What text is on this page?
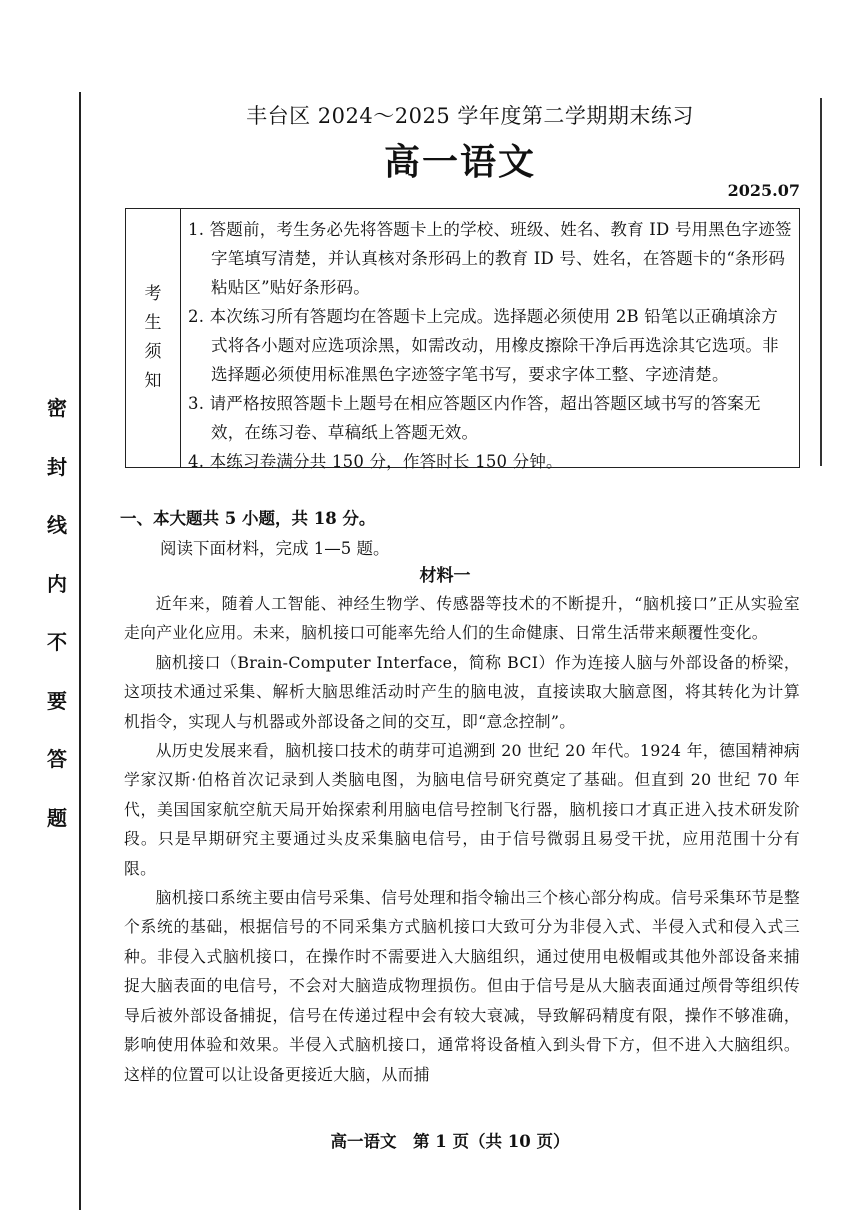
密
封
线
内
不
要
答
题
丰台区 2024～2025 学年度第二学期期末练习
高一语文
2025.07
考
生
须
知
1. 答题前，考生务必先将答题卡上的学校、班级、姓名、教育 ID 号用黑色字迹签字笔填写清楚，并认真核对条形码上的教育 ID 号、姓名，在答题卡的“条形码粘贴区”贴好条形码。
2. 本次练习所有答题均在答题卡上完成。选择题必须使用 2B 铅笔以正确填涂方式将各小题对应选项涂黑，如需改动，用橡皮擦除干净后再选涂其它选项。非选择题必须使用标准黑色字迹签字笔书写，要求字体工整、字迹清楚。
3. 请严格按照答题卡上题号在相应答题区内作答，超出答题区域书写的答案无效，在练习卷、草稿纸上答题无效。
4. 本练习卷满分共 150 分，作答时长 150 分钟。
一、本大题共 5 小题，共 18 分。
阅读下面材料，完成 1—5 题。
材料一

近年来，随着人工智能、神经生物学、传感器等技术的不断提升，“脑机接口”正从实验室走向产业化应用。未来，脑机接口可能率先给人们的生命健康、日常生活带来颠覆性变化。

脑机接口（Brain-Computer Interface，简称 BCI）作为连接人脑与外部设备的桥梁，这项技术通过采集、解析大脑思维活动时产生的脑电波，直接读取大脑意图，将其转化为计算机指令，实现人与机器或外部设备之间的交互，即“意念控制”。

从历史发展来看，脑机接口技术的萌芽可追溯到 20 世纪 20 年代。1924 年，德国精神病学家汉斯·伯格首次记录到人类脑电图，为脑电信号研究奠定了基础。但直到 20 世纪 70 年代，美国国家航空航天局开始探索利用脑电信号控制飞行器，脑机接口才真正进入技术研发阶段。只是早期研究主要通过头皮采集脑电信号，由于信号微弱且易受干扰，应用范围十分有限。

脑机接口系统主要由信号采集、信号处理和指令输出三个核心部分构成。信号采集环节是整个系统的基础，根据信号的不同采集方式脑机接口大致可分为非侵入式、半侵入式和侵入式三种。非侵入式脑机接口，在操作时不需要进入大脑组织，通过使用电极帽或其他外部设备来捕捉大脑表面的电信号，不会对大脑造成物理损伤。但由于信号是从大脑表面通过颅骨等组织传导后被外部设备捕捉，信号在传递过程中会有较大衰减，导致解码精度有限，操作不够准确，影响使用体验和效果。半侵入式脑机接口，通常将设备植入到头骨下方，但不进入大脑组织。这样的位置可以让设备更接近大脑，从而捕

高一语文　第 1 页（共 10 页）
